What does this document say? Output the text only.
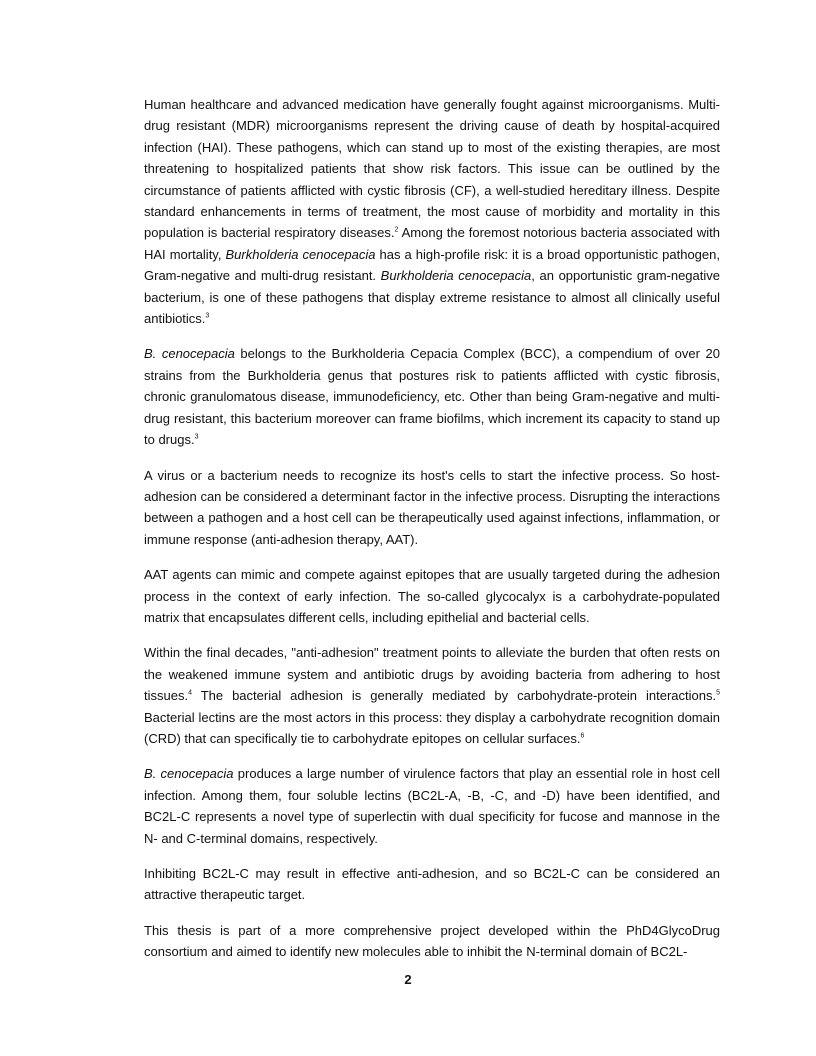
Human healthcare and advanced medication have generally fought against microorganisms. Multi-drug resistant (MDR) microorganisms represent the driving cause of death by hospital-acquired infection (HAI). These pathogens, which can stand up to most of the existing therapies, are most threatening to hospitalized patients that show risk factors. This issue can be outlined by the circumstance of patients afflicted with cystic fibrosis (CF), a well-studied hereditary illness. Despite standard enhancements in terms of treatment, the most cause of morbidity and mortality in this population is bacterial respiratory diseases.$^2$ Among the foremost notorious bacteria associated with HAI mortality, Burkholderia cenocepacia has a high-profile risk: it is a broad opportunistic pathogen, Gram-negative and multi-drug resistant. Burkholderia cenocepacia, an opportunistic gram-negative bacterium, is one of these pathogens that display extreme resistance to almost all clinically useful antibiotics.$^3$

B. cenocepacia belongs to the Burkholderia Cepacia Complex (BCC), a compendium of over 20 strains from the Burkholderia genus that postures risk to patients afflicted with cystic fibrosis, chronic granulomatous disease, immunodeficiency, etc. Other than being Gram-negative and multi-drug resistant, this bacterium moreover can frame biofilms, which increment its capacity to stand up to drugs.$^3$

A virus or a bacterium needs to recognize its host's cells to start the infective process. So host-adhesion can be considered a determinant factor in the infective process. Disrupting the interactions between a pathogen and a host cell can be therapeutically used against infections, inflammation, or immune response (anti-adhesion therapy, AAT).

AAT agents can mimic and compete against epitopes that are usually targeted during the adhesion process in the context of early infection. The so-called glycocalyx is a carbohydrate-populated matrix that encapsulates different cells, including epithelial and bacterial cells.

Within the final decades, "anti-adhesion" treatment points to alleviate the burden that often rests on the weakened immune system and antibiotic drugs by avoiding bacteria from adhering to host tissues.$^4$ The bacterial adhesion is generally mediated by carbohydrate-protein interactions.$^5$ Bacterial lectins are the most actors in this process: they display a carbohydrate recognition domain (CRD) that can specifically tie to carbohydrate epitopes on cellular surfaces.$^6$

B. cenocepacia produces a large number of virulence factors that play an essential role in host cell infection. Among them, four soluble lectins (BC2L-A, -B, -C, and -D) have been identified, and BC2L-C represents a novel type of superlectin with dual specificity for fucose and mannose in the N- and C-terminal domains, respectively.

Inhibiting BC2L-C may result in effective anti-adhesion, and so BC2L-C can be considered an attractive therapeutic target.

This thesis is part of a more comprehensive project developed within the PhD4GlycoDrug consortium and aimed to identify new molecules able to inhibit the N-terminal domain of BC2L-

2
